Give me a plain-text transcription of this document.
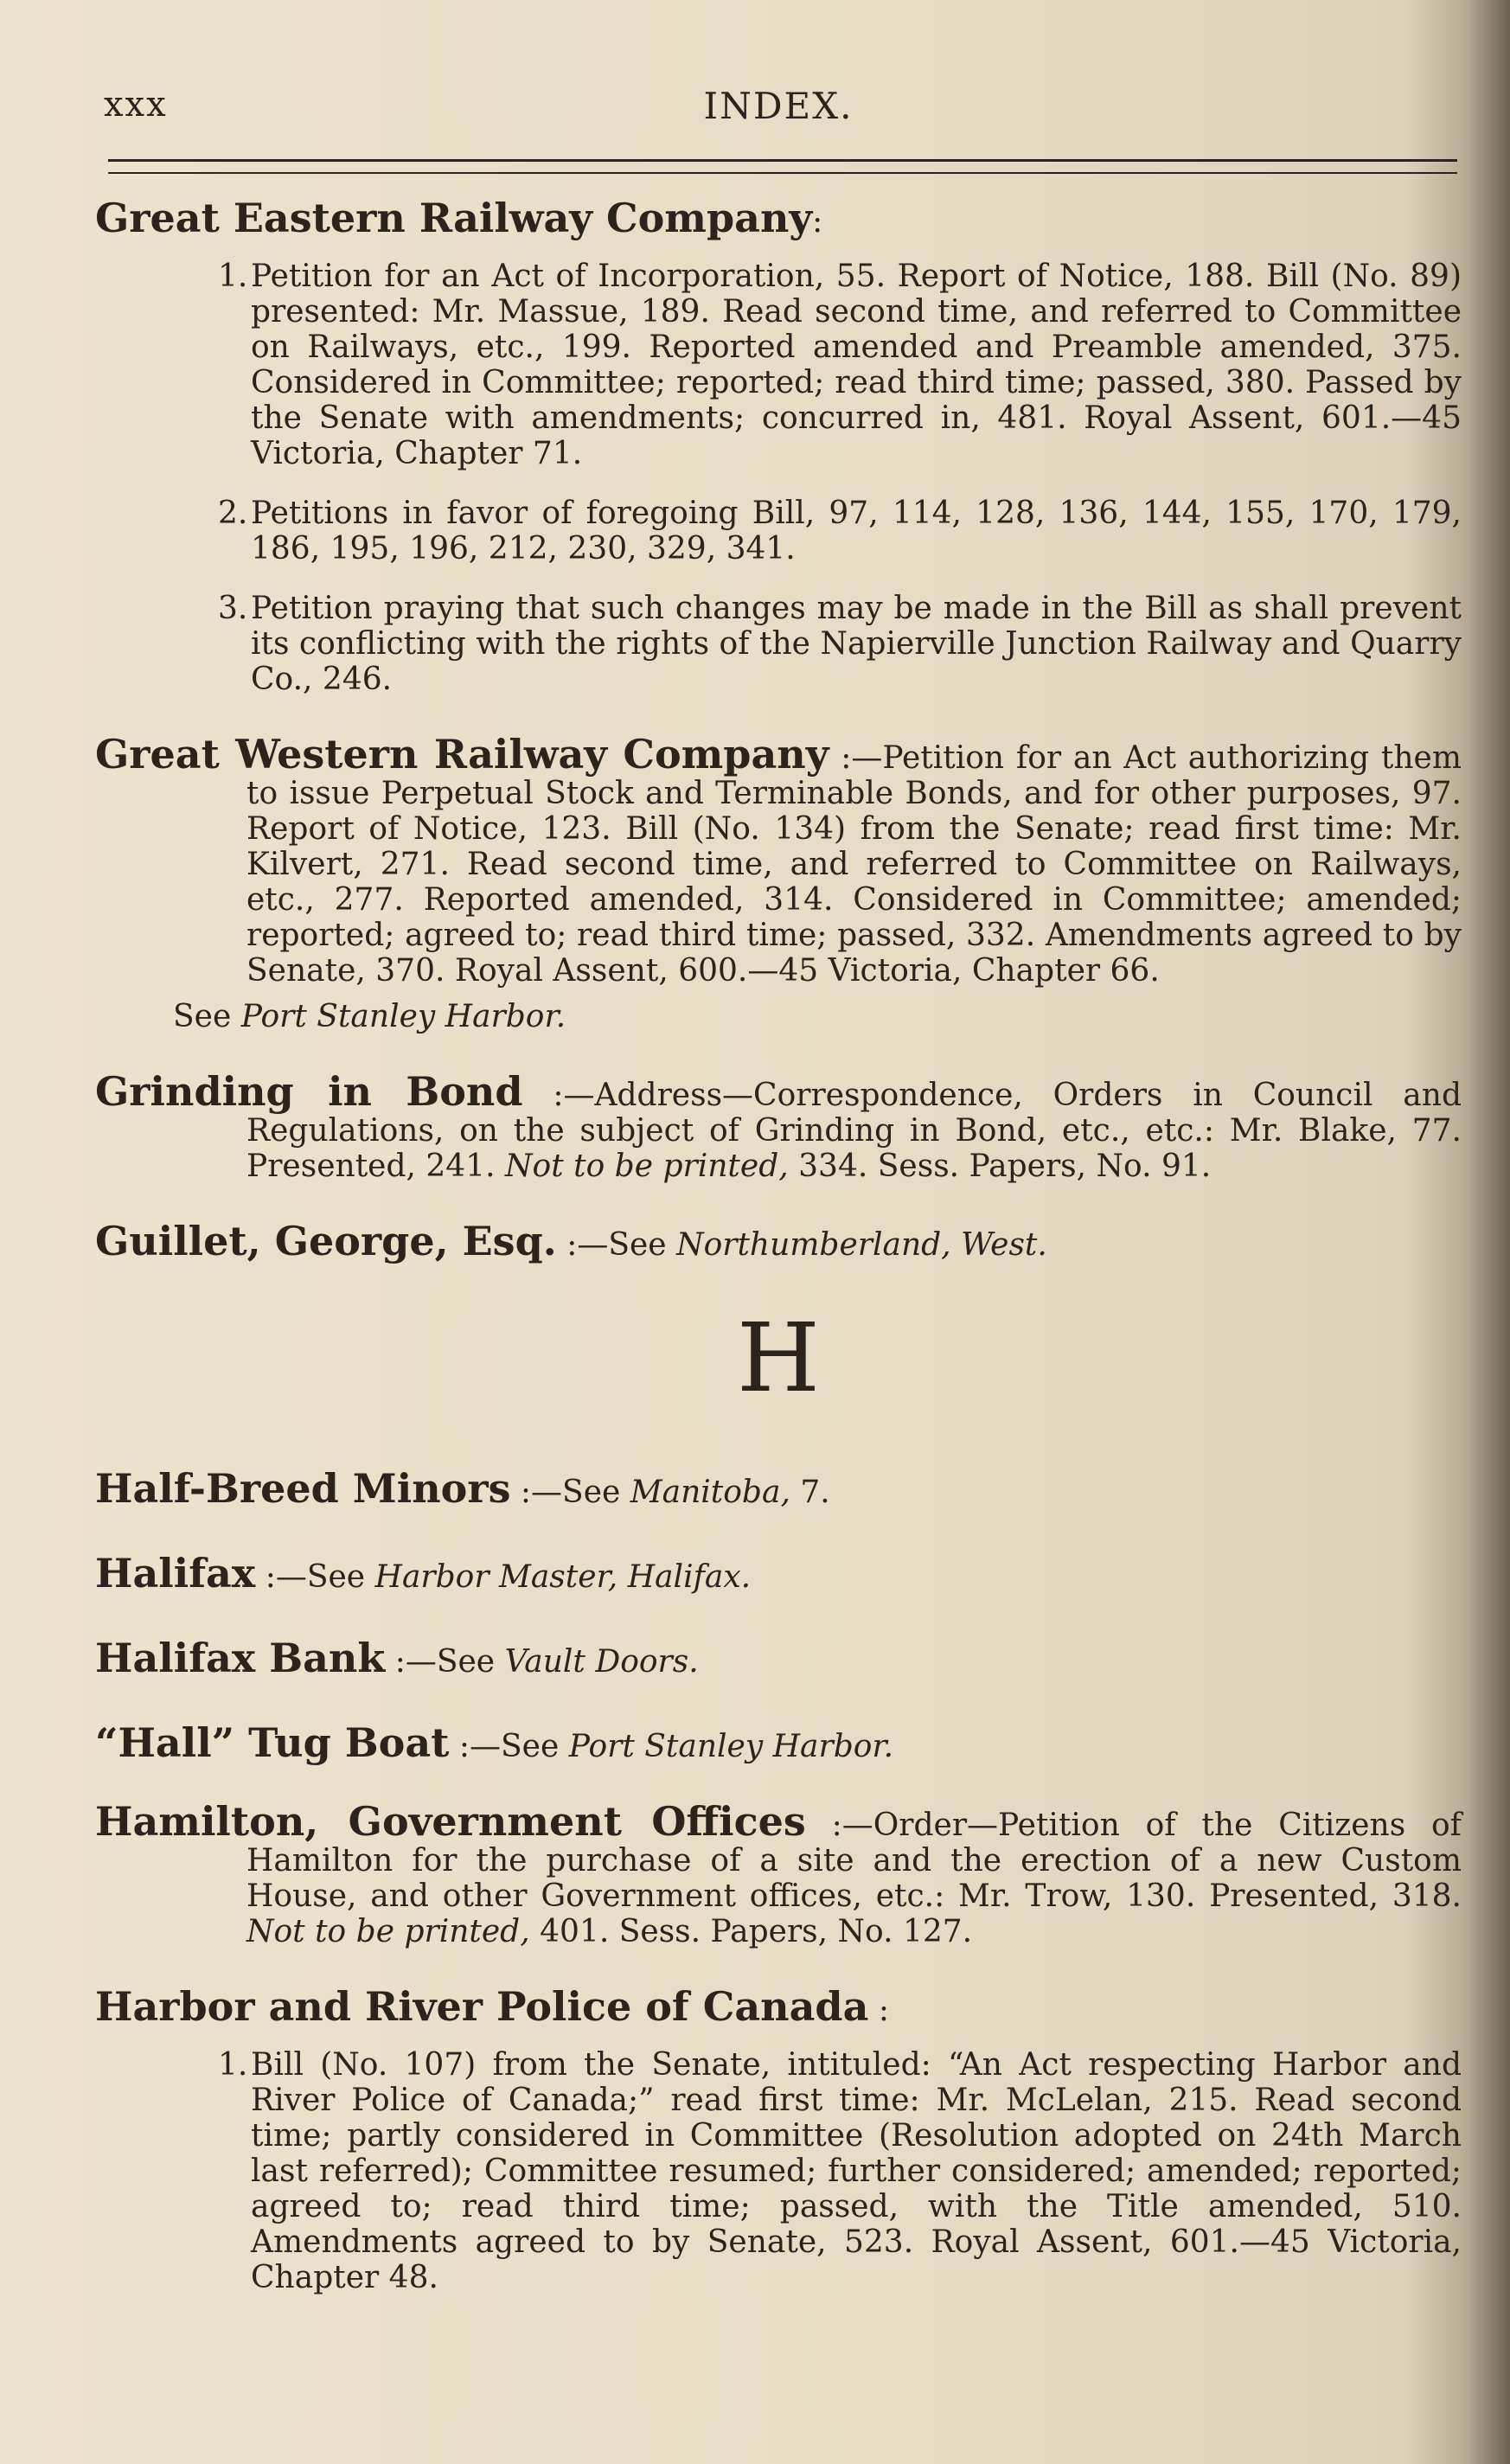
xxx	INDEX.
Great Eastern Railway Company:
1. Petition for an Act of Incorporation, 55. Report of Notice, 188. Bill (No. 89) presented: Mr. Massue, 189. Read second time, and referred to Committee on Railways, etc., 199. Reported amended and Preamble amended, 375. Considered in Committee; reported; read third time; passed, 380. Passed by the Senate with amendments; concurred in, 481. Royal Assent, 601.—45 Victoria, Chapter 71.
2. Petitions in favor of foregoing Bill, 97, 114, 128, 136, 144, 155, 170, 179, 186, 195, 196, 212, 230, 329, 341.
3. Petition praying that such changes may be made in the Bill as shall prevent its conflicting with the rights of the Napierville Junction Railway and Quarry Co., 246.
Great Western Railway Company :—Petition for an Act authorizing them to issue Perpetual Stock and Terminable Bonds, and for other purposes, 97. Report of Notice, 123. Bill (No. 134) from the Senate; read first time: Mr. Kilvert, 271. Read second time, and referred to Committee on Railways, etc., 277. Reported amended, 314. Considered in Committee; amended; reported; agreed to; read third time; passed, 332. Amendments agreed to by Senate, 370. Royal Assent, 600.—45 Victoria, Chapter 66.
See Port Stanley Harbor.
Grinding in Bond :—Address—Correspondence, Orders in Council and Regulations, on the subject of Grinding in Bond, etc., etc.: Mr. Blake, 77. Presented, 241. Not to be printed, 334. Sess. Papers, No. 91.
Guillet, George, Esq. :—See Northumberland, West.
H
Half-Breed Minors :—See Manitoba, 7.
Halifax :—See Harbor Master, Halifax.
Halifax Bank :—See Vault Doors.
“Hall” Tug Boat :—See Port Stanley Harbor.
Hamilton, Government Offices :—Order—Petition of the Citizens of Hamilton for the purchase of a site and the erection of a new Custom House, and other Government offices, etc.: Mr. Trow, 130. Presented, 318. Not to be printed, 401. Sess. Papers, No. 127.
Harbor and River Police of Canada :
1. Bill (No. 107) from the Senate, intituled: “An Act respecting Harbor and River Police of Canada;” read first time: Mr. McLelan, 215. Read second time; partly considered in Committee (Resolution adopted on 24th March last referred); Committee resumed; further considered; amended; reported; agreed to; read third time; passed, with the Title amended, 510. Amendments agreed to by Senate, 523. Royal Assent, 601.—45 Victoria, Chapter 48.
